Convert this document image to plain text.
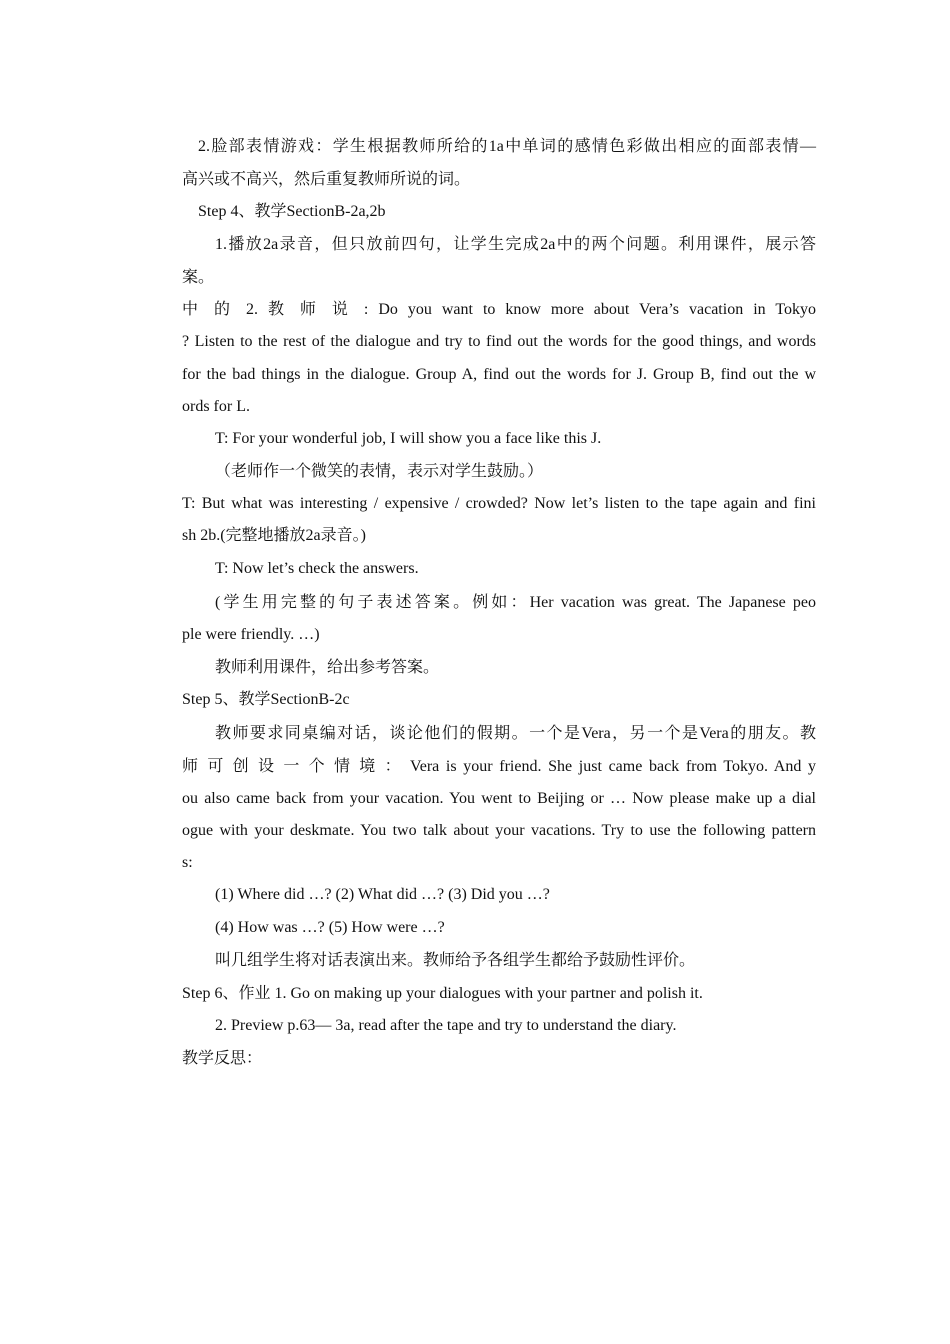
2.脸部表情游戏：学生根据教师所给的1a中单词的感情色彩做出相应的面部表情—
高兴或不高兴，然后重复教师所说的词。
Step 4、教学SectionB-2a,2b
1.播放2a录音，但只放前四句，让学生完成2a中的两个问题。利用课件，展示答
案。
中 的 2. 教 师 说 : Do you want to know more about Vera’s vacation in Tokyo
? Listen to the rest of the dialogue and try to find out the words for the good things, and words
for the bad things in the dialogue. Group A, find out the words for J. Group B, find out the w
ords for L.
T: For your wonderful job, I will show you a face like this J.
（老师作一个微笑的表情，表示对学生鼓励。）
T: But what was interesting / expensive / crowded? Now let’s listen to the tape again and fini
sh 2b.(完整地播放2a录音。)
T: Now let’s check the answers.
(学生用完整的句子表述答案。例如：Her vacation was great. The Japanese peo
ple were friendly. …)
教师利用课件，给出参考答案。
Step 5、教学SectionB-2c
教师要求同桌编对话，谈论他们的假期。一个是Vera，另一个是Vera的朋友。教
师 可 创 设 一 个 情 境 ： Vera is your friend. She just came back from Tokyo. And y
ou also came back from your vacation. You went to Beijing or … Now please make up a dial
ogue with your deskmate. You two talk about your vacations. Try to use the following pattern
s:
(1) Where did …? (2) What did …? (3) Did you …?
(4) How was …? (5) How were …?
叫几组学生将对话表演出来。教师给予各组学生都给予鼓励性评价。
Step 6、作业 1. Go on making up your dialogues with your partner and polish it.
2. Preview p.63— 3a, read after the tape and try to understand the diary.
教学反思：
